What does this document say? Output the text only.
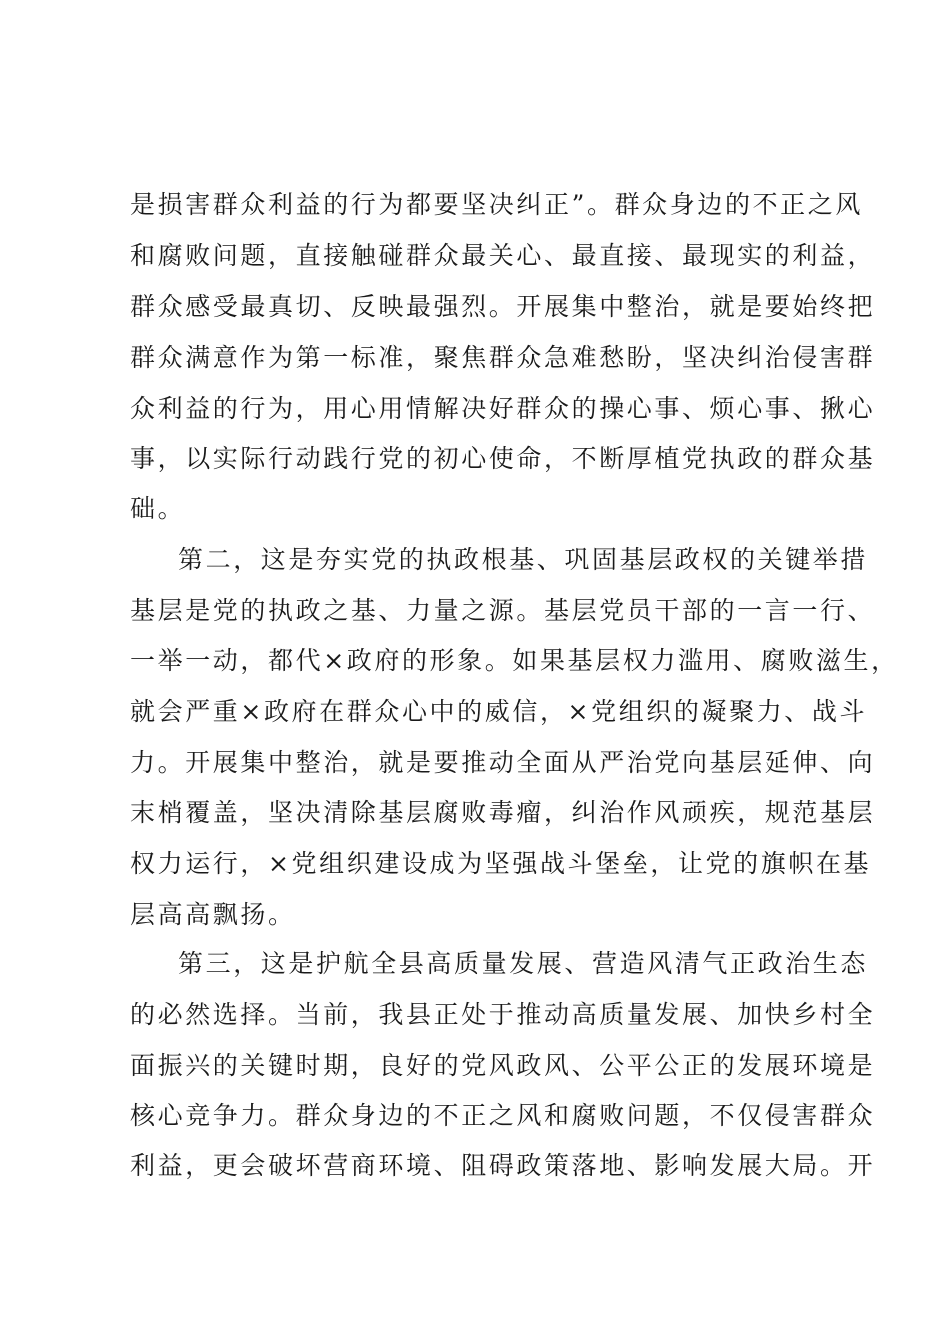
是损害群众利益的行为都要坚决纠正”。群众身边的不正之风
和腐败问题，直接触碰群众最关心、最直接、最现实的利益，
群众感受最真切、反映最强烈。开展集中整治，就是要始终把
群众满意作为第一标准，聚焦群众急难愁盼，坚决纠治侵害群
众利益的行为，用心用情解决好群众的操心事、烦心事、揪心
事，以实际行动践行党的初心使命，不断厚植党执政的群众基
础。
第二，这是夯实党的执政根基、巩固基层政权的关键举措
基层是党的执政之基、力量之源。基层党员干部的一言一行、
一举一动，都代×政府的形象。如果基层权力滥用、腐败滋生，
就会严重×政府在群众心中的威信，×党组织的凝聚力、战斗
力。开展集中整治，就是要推动全面从严治党向基层延伸、向
末梢覆盖，坚决清除基层腐败毒瘤，纠治作风顽疾，规范基层
权力运行，×党组织建设成为坚强战斗堡垒，让党的旗帜在基
层高高飘扬。
第三，这是护航全县高质量发展、营造风清气正政治生态
的必然选择。当前，我县正处于推动高质量发展、加快乡村全
面振兴的关键时期，良好的党风政风、公平公正的发展环境是
核心竞争力。群众身边的不正之风和腐败问题，不仅侵害群众
利益，更会破坏营商环境、阻碍政策落地、影响发展大局。开
